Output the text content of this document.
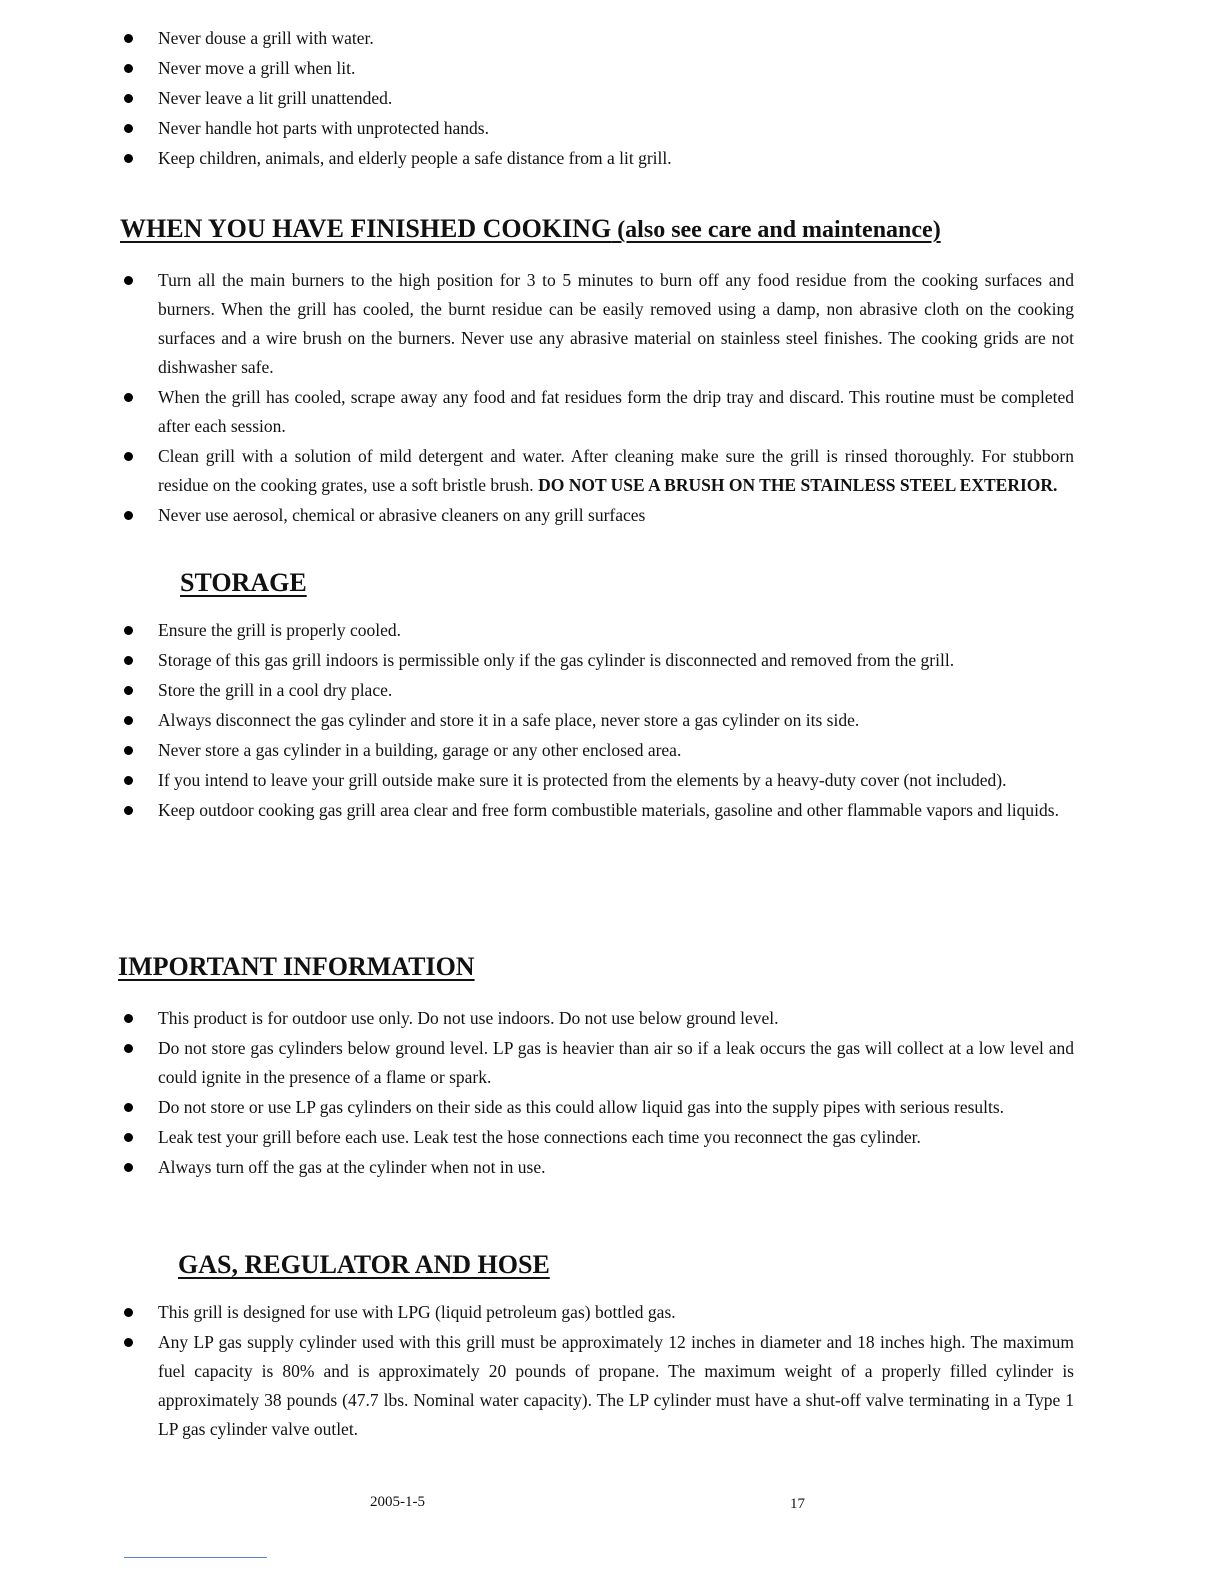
Never douse a grill with water.
Never move a grill when lit.
Never leave a lit grill unattended.
Never handle hot parts with unprotected hands.
Keep children, animals, and elderly people a safe distance from a lit grill.
WHEN YOU HAVE FINISHED COOKING (also see care and maintenance)
Turn all the main burners to the high position for 3 to 5 minutes to burn off any food residue from the cooking surfaces and burners. When the grill has cooled, the burnt residue can be easily removed using a damp, non abrasive cloth on the cooking surfaces and a wire brush on the burners. Never use any abrasive material on stainless steel finishes. The cooking grids are not dishwasher safe.
When the grill has cooled, scrape away any food and fat residues form the drip tray and discard. This routine must be completed after each session.
Clean grill with a solution of mild detergent and water. After cleaning make sure the grill is rinsed thoroughly. For stubborn residue on the cooking grates, use a soft bristle brush. DO NOT USE A BRUSH ON THE STAINLESS STEEL EXTERIOR.
Never use aerosol, chemical or abrasive cleaners on any grill surfaces
STORAGE
Ensure the grill is properly cooled.
Storage of this gas grill indoors is permissible only if the gas cylinder is disconnected and removed from the grill.
Store the grill in a cool dry place.
Always disconnect the gas cylinder and store it in a safe place, never store a gas cylinder on its side.
Never store a gas cylinder in a building, garage or any other enclosed area.
If you intend to leave your grill outside make sure it is protected from the elements by a heavy-duty cover (not included).
Keep outdoor cooking gas grill area clear and free form combustible materials, gasoline and other flammable vapors and liquids.
IMPORTANT INFORMATION
This product is for outdoor use only. Do not use indoors. Do not use below ground level.
Do not store gas cylinders below ground level. LP gas is heavier than air so if a leak occurs the gas will collect at a low level and could ignite in the presence of a flame or spark.
Do not store or use LP gas cylinders on their side as this could allow liquid gas into the supply pipes with serious results.
Leak test your grill before each use. Leak test the hose connections each time you reconnect the gas cylinder.
Always turn off the gas at the cylinder when not in use.
GAS, REGULATOR AND HOSE
This grill is designed for use with LPG (liquid petroleum gas) bottled gas.
Any LP gas supply cylinder used with this grill must be approximately 12 inches in diameter and 18 inches high. The maximum fuel capacity is 80% and is approximately 20 pounds of propane. The maximum weight of a properly filled cylinder is approximately 38 pounds (47.7 lbs. Nominal water capacity). The LP cylinder must have a shut-off valve terminating in a Type 1 LP gas cylinder valve outlet.
2005-1-5	17
